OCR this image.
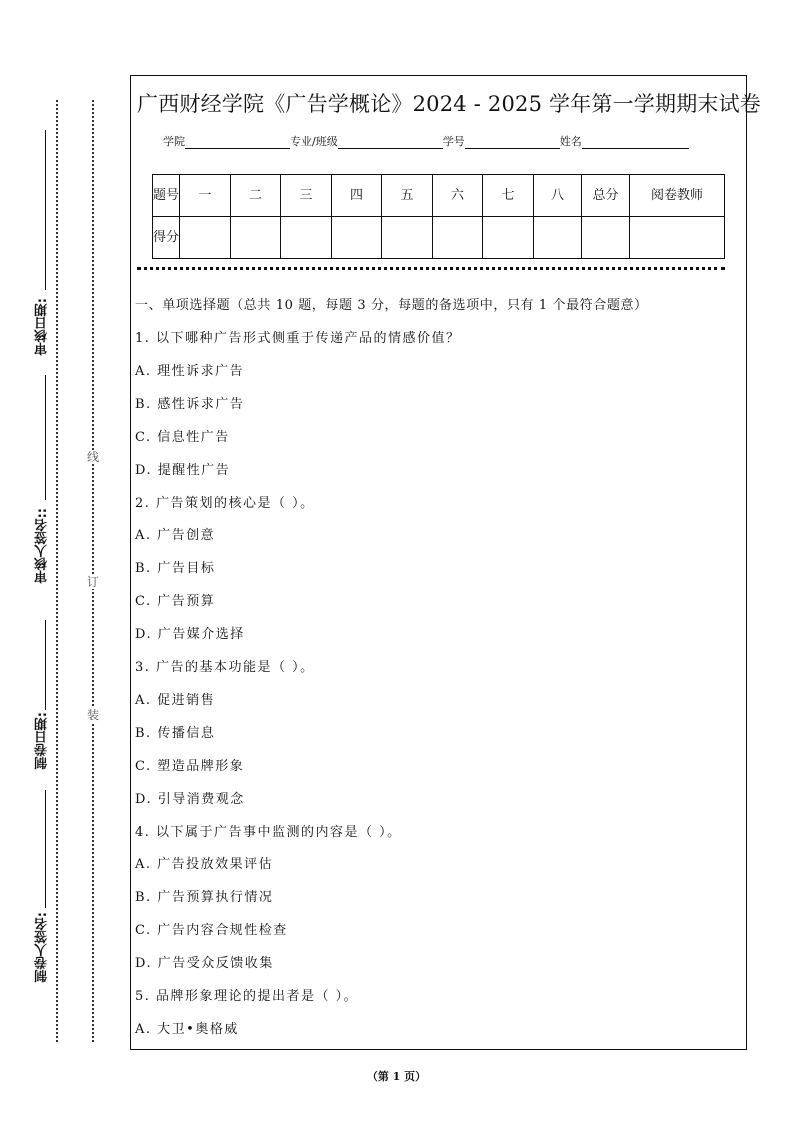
审核日期:
审核人签名::
制卷日期:
制卷人签名:
线
订
装
广西财经学院《广告学概论》2024 - 2025 学年第一学期期末试卷
学院	专业/班级	学号	姓名
题号	一	二	三	四	五	六	七	八	总分	阅卷教师
得分										
一、单项选择题（总共 10 题，每题 3 分，每题的备选项中，只有 1 个最符合题意）
1. 以下哪种广告形式侧重于传递产品的情感价值？
A. 理性诉求广告
B. 感性诉求广告
C. 信息性广告
D. 提醒性广告
2. 广告策划的核心是（ ）。
A. 广告创意
B. 广告目标
C. 广告预算
D. 广告媒介选择
3. 广告的基本功能是（ ）。
A. 促进销售
B. 传播信息
C. 塑造品牌形象
D. 引导消费观念
4. 以下属于广告事中监测的内容是（ ）。
A. 广告投放效果评估
B. 广告预算执行情况
C. 广告内容合规性检查
D. 广告受众反馈收集
5. 品牌形象理论的提出者是（ ）。
A. 大卫•奥格威
（第 1 页）
